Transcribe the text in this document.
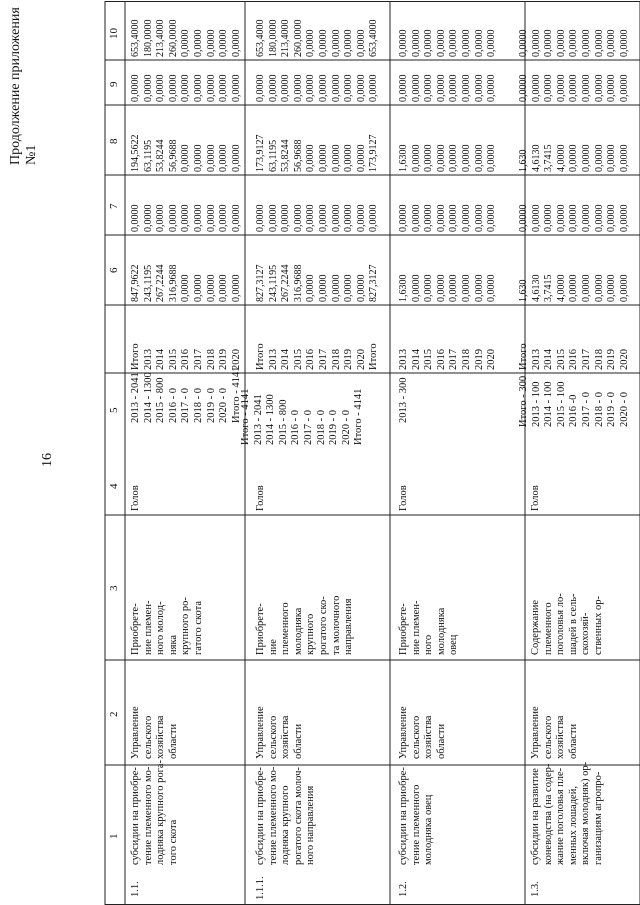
16
Продолжение приложения №1
1
2
3
4
5
6
7
8
9
10
1.1.
субсидии на приобре-
тение племенного мо-
лодняка крупного рога-
того скота
Управление
сельского
хозяйства
области
Приобрете-
ние племен-
ного молод-
няка
крупного ро-
гатого скота
Голов
2013 - 2041
2014 - 1300
2015 - 800
2016 - 0
2017 - 0
2018 - 0
2019 - 0
2020 - 0
Итого - 4141
Итого
2013
2014
2015
2016
2017
2018
2019
2020
847,9622
243,1195
267,2244
316,9688
0,0000
0,0000
0,0000
0,0000
0,0000
0,0000
0,0000
0,0000
0,0000
0,0000
0,0000
0,0000
0,0000
0,0000
194,5622
63,1195
53,8244
56,9688
0,0000
0,0000
0,0000
0,0000
0,0000
0,0000
0,0000
0,0000
0,0000
0,0000
0,0000
0,0000
0,0000
0,0000
653,4000
180,0000
213,4000
260,0000
0,0000
0,0000
0,0000
0,0000
0,0000
1.1.1.
субсидии на приобре-
тение племенного мо-
лодняка крупного
рогатого скота молоч-
ного направления
Управление
сельского
хозяйства
области
Приобрете-
ние
племенного
молодняка
крупного
рогатого ско-
та молочного
направления
Голов
Итого - 4141
2013 - 2041
2014 - 1300
2015 - 800
2016 - 0
2017 - 0
2018 - 0
2019 - 0
2020 - 0
Итого - 4141
Итого
2013
2014
2015
2016
2017
2018
2019
2020
Итого
827,3127
243,1195
267,2244
316,9688
0,0000
0,0000
0,0000
0,0000
0,0000
827,3127
0,0000
0,0000
0,0000
0,0000
0,0000
0,0000
0,0000
0,0000
0,0000
0,0000
173,9127
63,1195
53,8244
56,9688
0,0000
0,0000
0,0000
0,0000
0,0000
173,9127
0,0000
0,0000
0,0000
0,0000
0,0000
0,0000
0,0000
0,0000
0,0000
0,0000
653,4000
180,0000
213,4000
260,0000
0,0000
0,0000
0,0000
0,0000
0,0000
653,4000
1.2.
субсидии на приобре-
тение племенного
молодняка овец
Управление
сельского
хозяйства
области
Приобрете-
ние племен-
ного
молодняка
овец
Голов
2013 - 300
2013
2014
2015
2016
2017
2018
2019
2020
1,6300
0,0000
0,0000
0,0000
0,0000
0,0000
0,0000
0,0000
0,0000
0,0000
0,0000
0,0000
0,0000
0,0000
0,0000
0,0000
1,6300
0,0000
0,0000
0,0000
0,0000
0,0000
0,0000
0,0000
0,0000
0,0000
0,0000
0,0000
0,0000
0,0000
0,0000
0,0000
0,0000
0,0000
0,0000
0,0000
0,0000
0,0000
0,0000
0,0000
1.3.
субсидии на развитие
коневодства (на содер-
жание поголовья пле-
менных лошадей,
включая молодняк) ор-
ганизациям агропро-
Управление
сельского
хозяйства
области
Содержание
племенного
поголовья ло-
шадей в сель-
скохозяй-
ственных ор-
Голов
Итого - 300
2013 - 100
2014 - 100
2015 - 100
2016 -0
2017 - 0
2018 - 0
2019 - 0
2020 - 0
Итого
2013
2014
2015
2016
2017
2018
2019
2020
1,630
4,6130
3,7415
4,0000
0,0000
0,0000
0,0000
0,0000
0,0000
0,0000
0,0000
0,0000
0,0000
0,0000
0,0000
0,0000
0,0000
0,0000
1,630
4,6130
3,7415
4,0000
0,0000
0,0000
0,0000
0,0000
0,0000
0,0000
0,0000
0,0000
0,0000
0,0000
0,0000
0,0000
0,0000
0,0000
0,0000
0,0000
0,0000
0,0000
0,0000
0,0000
0,0000
0,0000
0,0000
